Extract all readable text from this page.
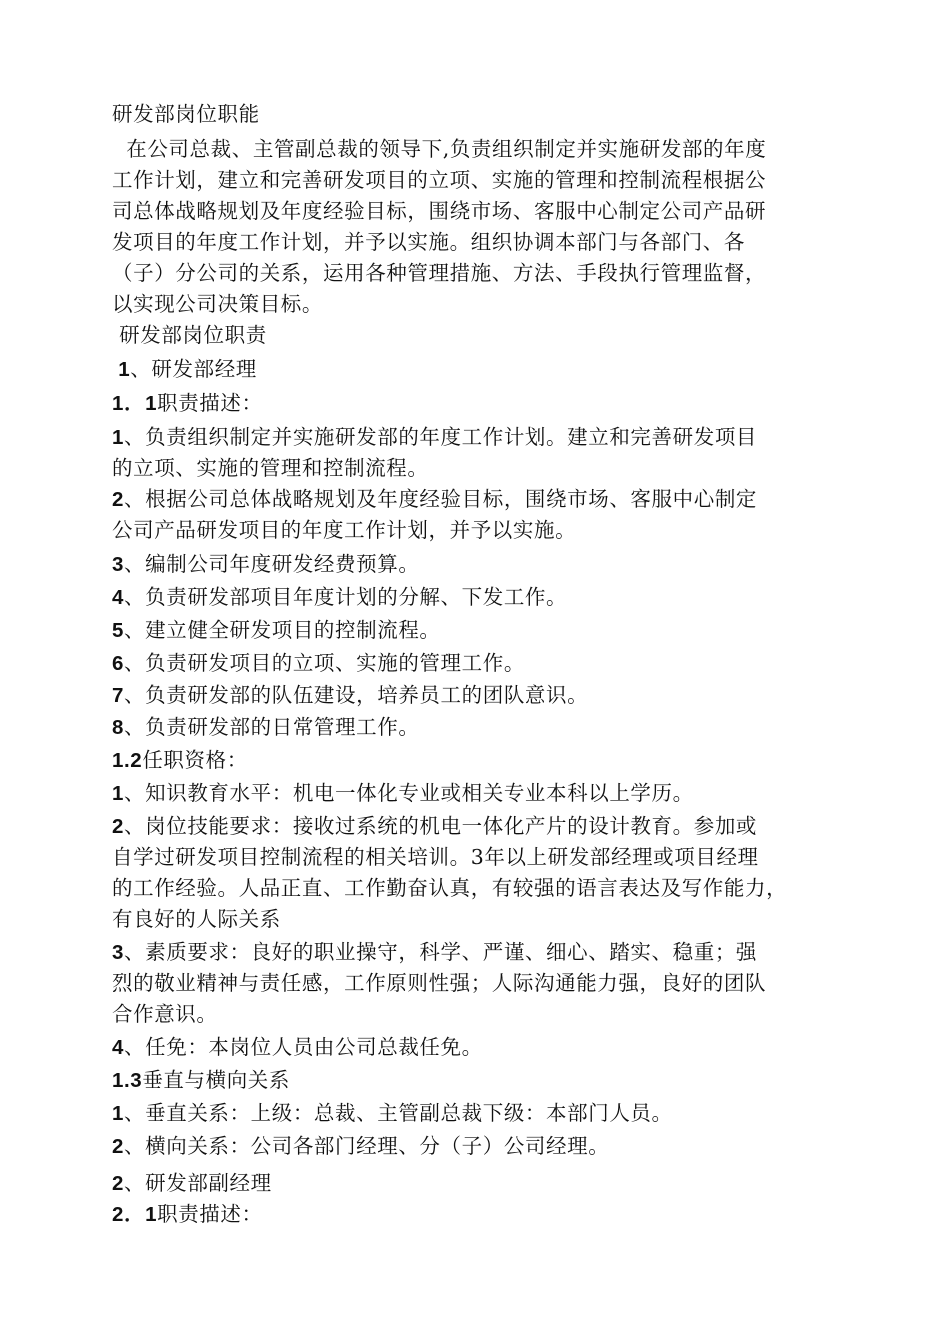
研发部岗位职能
在公司总裁、主管副总裁的领导下,负责组织制定并实施研发部的年度
工作计划，建立和完善研发项目的立项、实施的管理和控制流程根据公
司总体战略规划及年度经验目标，围绕市场、客服中心制定公司产品研
发项目的年度工作计划，并予以实施。组织协调本部门与各部门、各
（子）分公司的关系，运用各种管理措施、方法、手段执行管理监督，
以实现公司决策目标。
研发部岗位职责
1、研发部经理
1．1职责描述：
1、负责组织制定并实施研发部的年度工作计划。建立和完善研发项目
的立项、实施的管理和控制流程。
2、根据公司总体战略规划及年度经验目标，围绕市场、客服中心制定
公司产品研发项目的年度工作计划，并予以实施。
3、编制公司年度研发经费预算。
4、负责研发部项目年度计划的分解、下发工作。
5、建立健全研发项目的控制流程。
6、负责研发项目的立项、实施的管理工作。
7、负责研发部的队伍建设，培养员工的团队意识。
8、负责研发部的日常管理工作。
1.2任职资格：
1、知识教育水平：机电一体化专业或相关专业本科以上学历。
2、岗位技能要求：接收过系统的机电一体化产片的设计教育。参加或
自学过研发项目控制流程的相关培训。3年以上研发部经理或项目经理
的工作经验。人品正直、工作勤奋认真，有较强的语言表达及写作能力，
有良好的人际关系
3、素质要求：良好的职业操守，科学、严谨、细心、踏实、稳重；强
烈的敬业精神与责任感，工作原则性强；人际沟通能力强，良好的团队
合作意识。
4、任免：本岗位人员由公司总裁任免。
1.3垂直与横向关系
1、垂直关系：上级：总裁、主管副总裁下级：本部门人员。
2、横向关系：公司各部门经理、分（子）公司经理。
2、研发部副经理
2．1职责描述：
